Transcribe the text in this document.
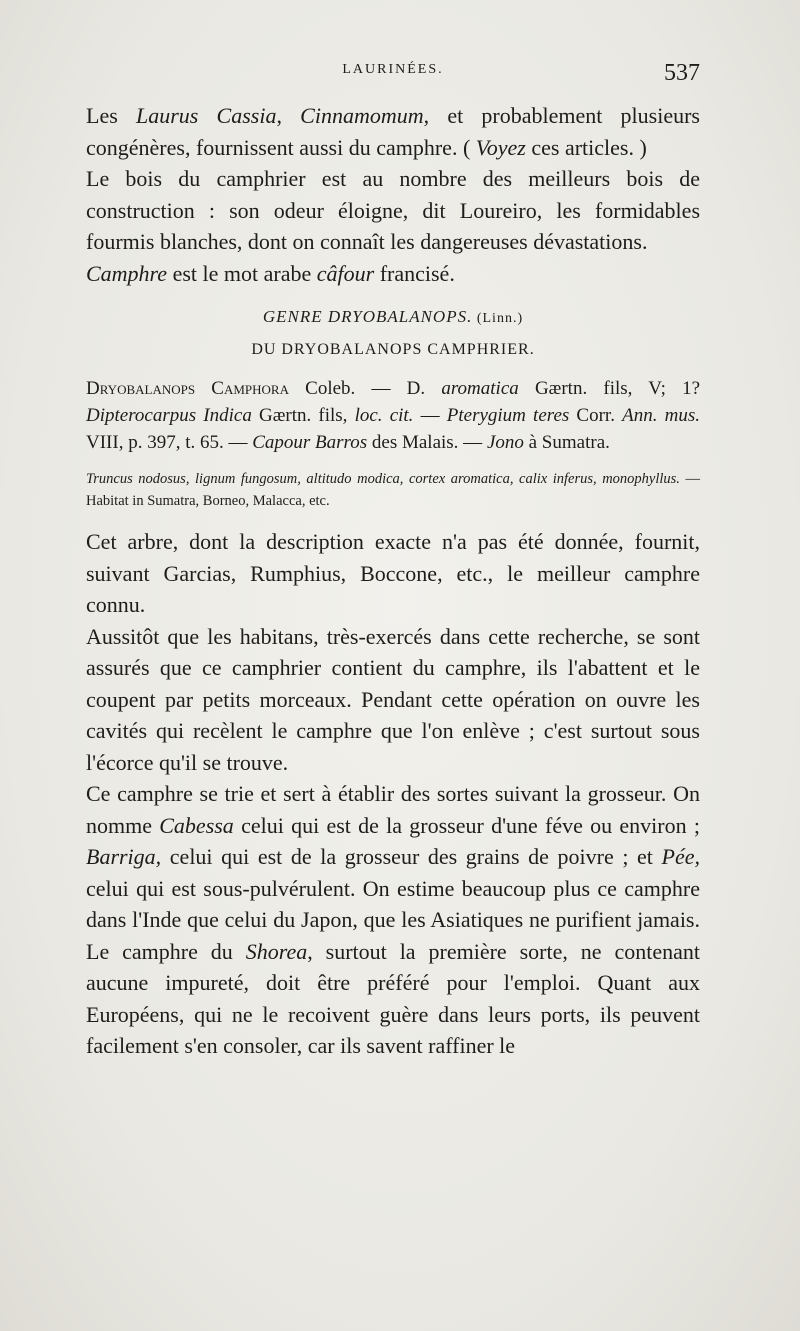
LAURINÉES.	537

Les Laurus Cassia, Cinnamomum, et probablement plusieurs congénères, fournissent aussi du camphre. ( Voyez ces articles. )

Le bois du camphrier est au nombre des meilleurs bois de construction : son odeur éloigne, dit Loureiro, les formidables fourmis blanches, dont on connaît les dangereuses dévastations.

Camphre est le mot arabe câfour francisé.

GENRE DRYOBALANOPS. (Linn.)

DU DRYOBALANOPS CAMPHRIER.

Dryobalanops Camphora Coleb. — D. aromatica Gærtn. fils, V; 1? Dipterocarpus Indica Gærtn. fils, loc. cit. — Pterygium teres Corr. Ann. mus. VIII, p. 397, t. 65. — Capour Barros des Malais. — Jono à Sumatra.

Truncus nodosus, lignum fungosum, altitudo modica, cortex aromatica, calix inferus, monophyllus. — Habitat in Sumatra, Borneo, Malacca, etc.

Cet arbre, dont la description exacte n'a pas été donnée, fournit, suivant Garcias, Rumphius, Boccone, etc., le meilleur camphre connu.

Aussitôt que les habitans, très-exercés dans cette recherche, se sont assurés que ce camphrier contient du camphre, ils l'abattent et le coupent par petits morceaux. Pendant cette opération on ouvre les cavités qui recèlent le camphre que l'on enlève ; c'est surtout sous l'écorce qu'il se trouve.

Ce camphre se trie et sert à établir des sortes suivant la grosseur. On nomme Cabessa celui qui est de la grosseur d'une féve ou environ ; Barriga, celui qui est de la grosseur des grains de poivre ; et Pée, celui qui est sous-pulvérulent. On estime beaucoup plus ce camphre dans l'Inde que celui du Japon, que les Asiatiques ne purifient jamais. Le camphre du Shorea, surtout la première sorte, ne contenant aucune impureté, doit être préféré pour l'emploi. Quant aux Européens, qui ne le recoivent guère dans leurs ports, ils peuvent facilement s'en consoler, car ils savent raffiner le
